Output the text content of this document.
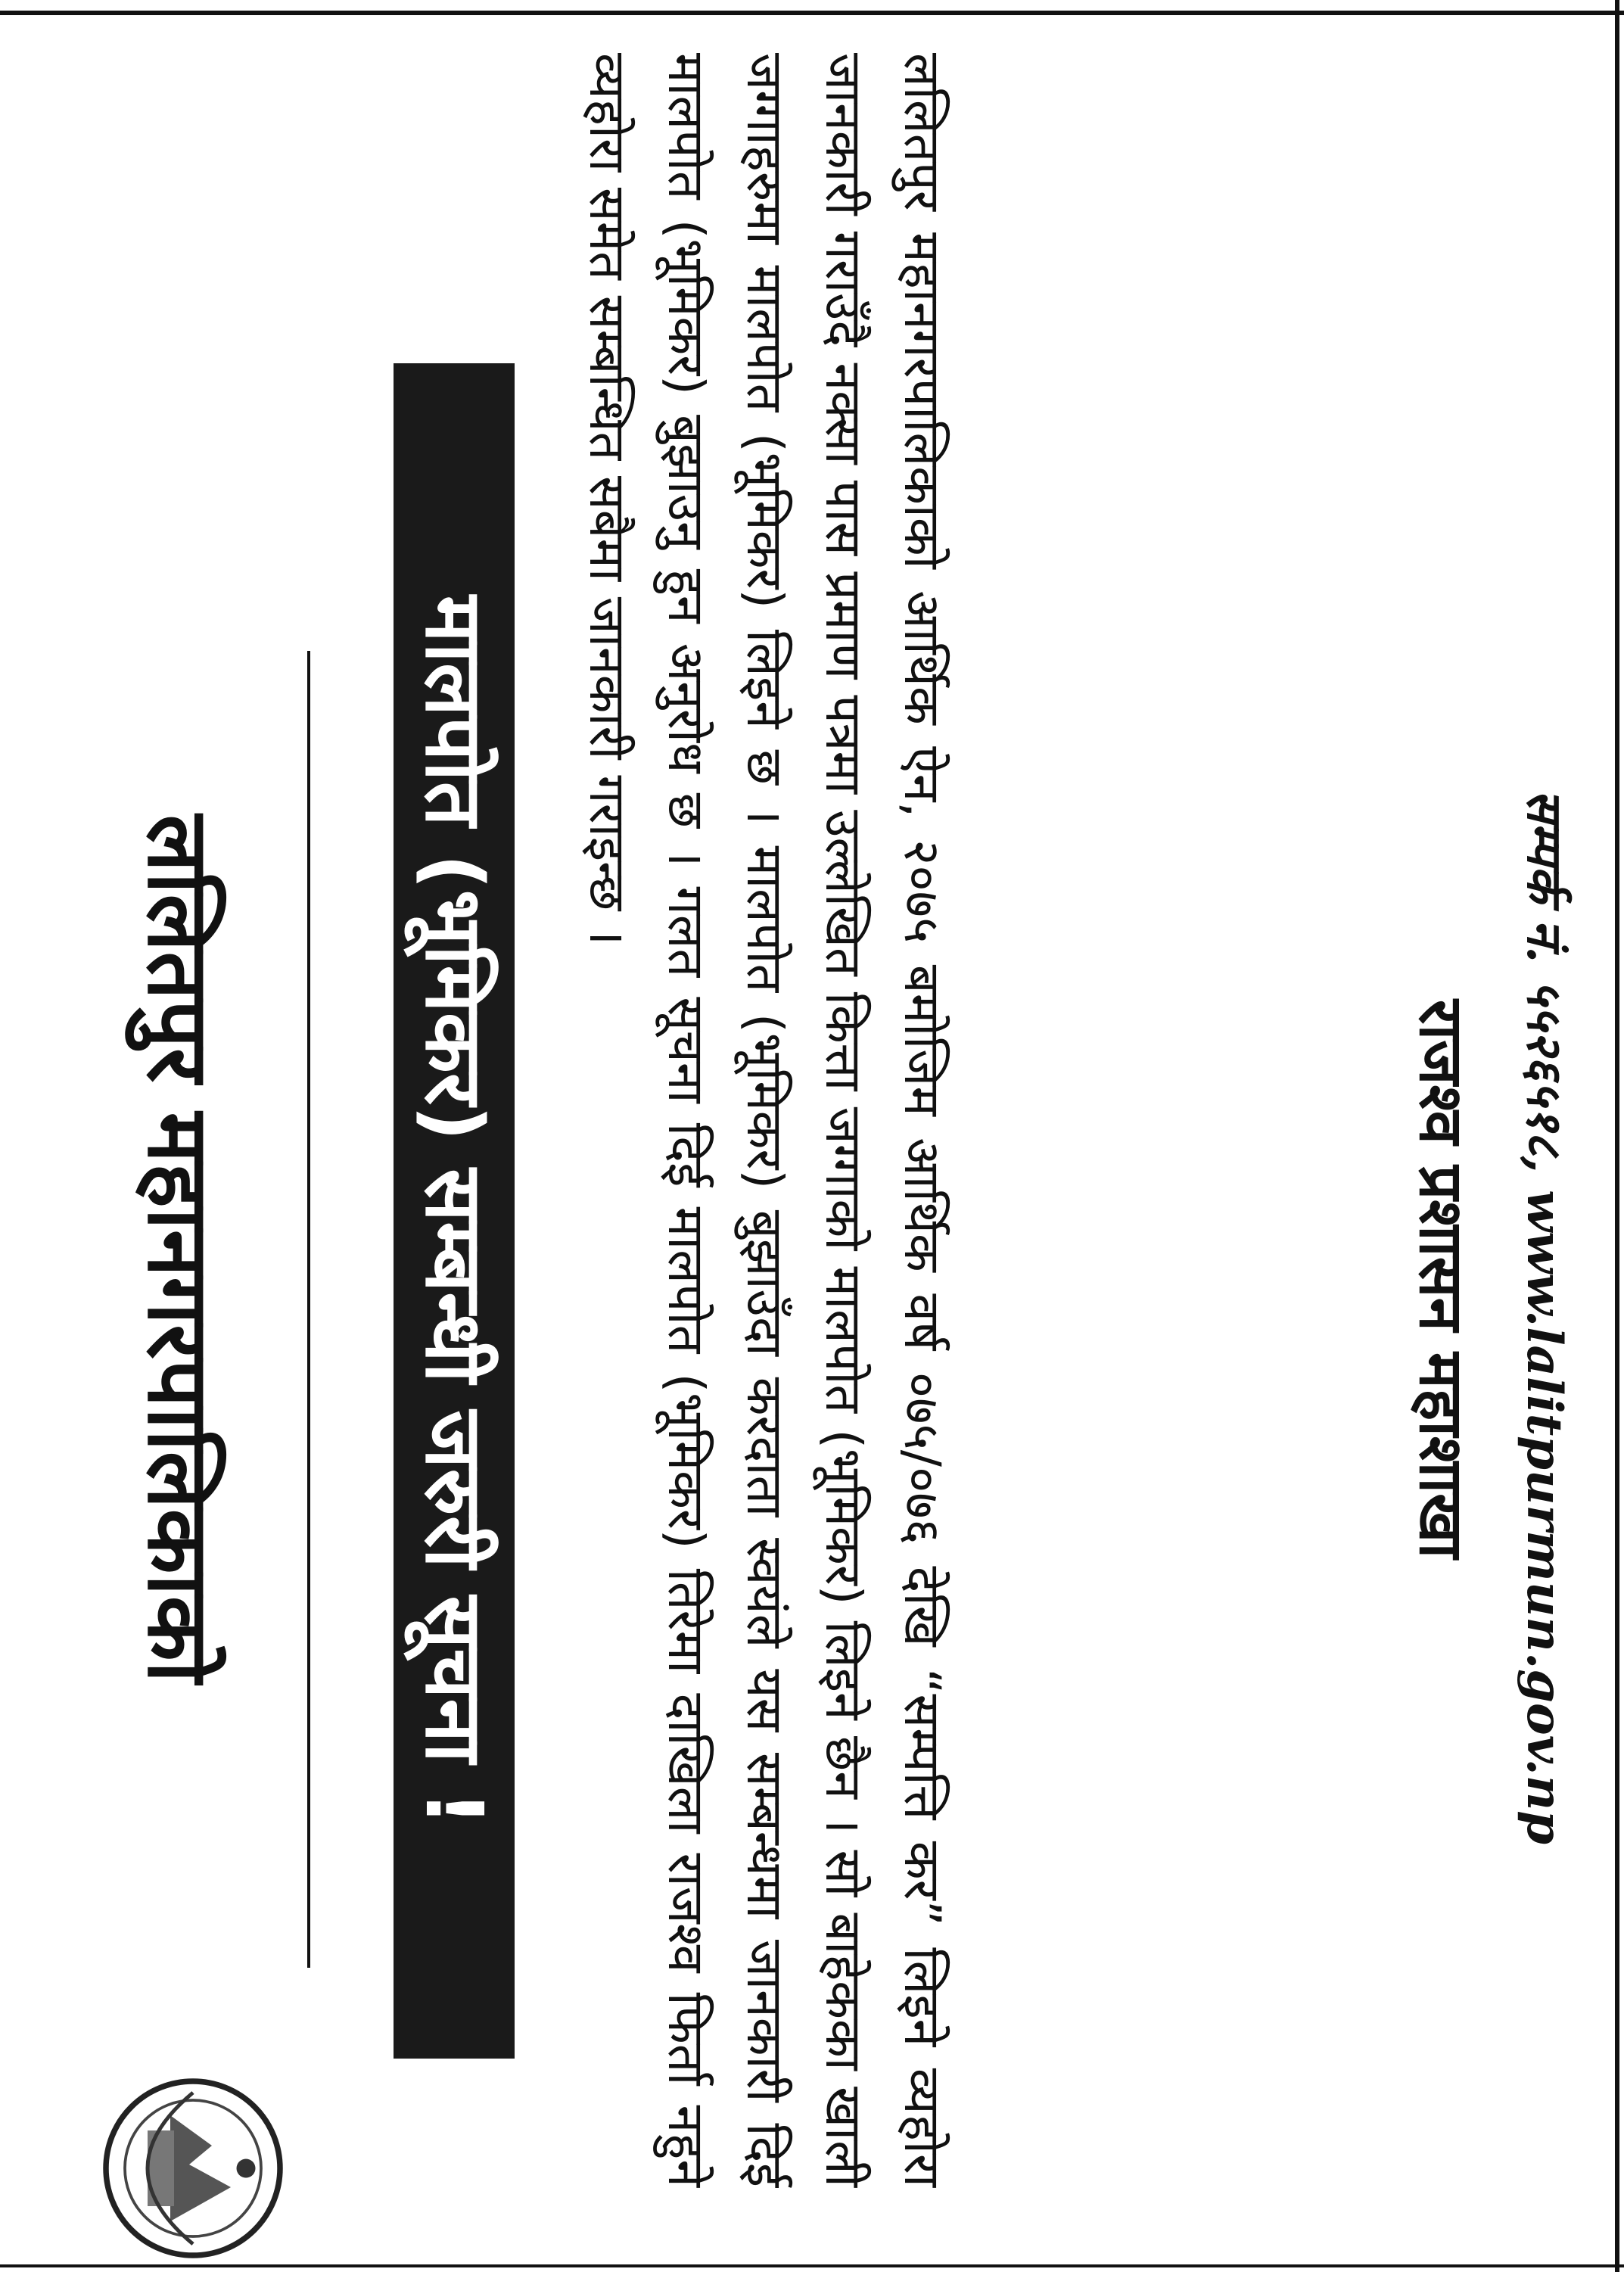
ललितपुर महानगरपालिकाको मालपोत (भूमिकर) सम्बन्धी जरुरी सूचना !	ललितपुर महानगरपालिकाको आर्थिक ऐन, २०७५ बमोजिम आर्थिक वर्ष ०७५/०७६ देखि “सम्पत्ति कर” लिइने व्यहोरा जानकारी गराउँदै नक्सा पास प्रमाण पत्रमा उल्लेखित कित्ता जग्गाको मालपोत (भूमिकर) लिइने छैन । सो बाहेकका खाली जग्गाहरुमा मालपोत (भूमिकर) लिइने छ । मालपोत (भूमिकर) बुझाउँदा करदाता स्वयंले यस सम्बन्धमा जानकारी दिई मालपोत (भूमिकर) बुझाउनु हुन अनुरोध छ । गलत सूचना दिई मालपोत (भूमिकर) तिरेमा दाखिला राजश्व फिर्ता नहुने व्यहोरा समेत सम्बन्धित सबैमा जानकारी गराइन्छ ।
राजश्व प्रशासन महाशाखा सम्पर्क नं. ५५२६५१८, www.lalitpurmun.gov.np
